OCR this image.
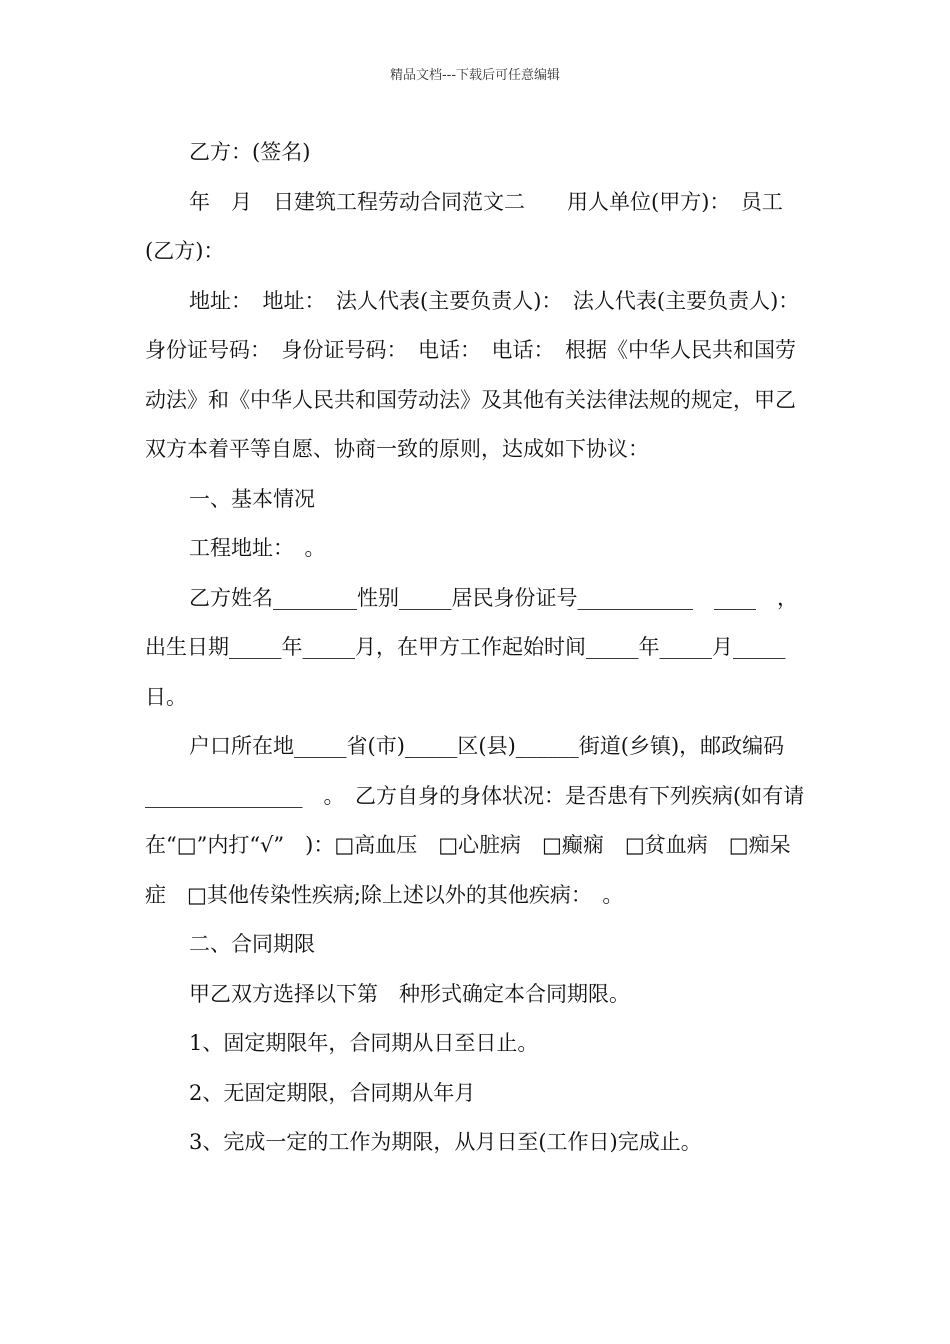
精品文档---下载后可任意编辑

乙方：(签名)

年　月　日建筑工程劳动合同范文二　　用人单位(甲方)：　员工(乙方)：

地址：　地址：　法人代表(主要负责人)：　法人代表(主要负责人)：　身份证号码：　身份证号码：　电话：　电话：　根据《中华人民共和国劳动法》和《中华人民共和国劳动法》及其他有关法律法规的规定，甲乙双方本着平等自愿、协商一致的原则，达成如下协议：

一、基本情况

工程地址：　。

乙方姓名________性别_____居民身份证号___________　____　，出生日期_____年_____月，在甲方工作起始时间_____年_____月_____日。

户口所在地_____省(市)_____区(县)______街道(乡镇)，邮政编码　_______________　。　乙方自身的身体状况：是否患有下列疾病(如有请在“□”内打“√”　)：□高血压　□心脏病　□癫痫　□贫血病　□痴呆症　□其他传染性疾病;除上述以外的其他疾病：　。

二、合同期限

甲乙双方选择以下第　种形式确定本合同期限。

1、固定期限年，合同期从日至日止。

2、无固定期限，合同期从年月

3、完成一定的工作为期限，从月日至(工作日)完成止。
